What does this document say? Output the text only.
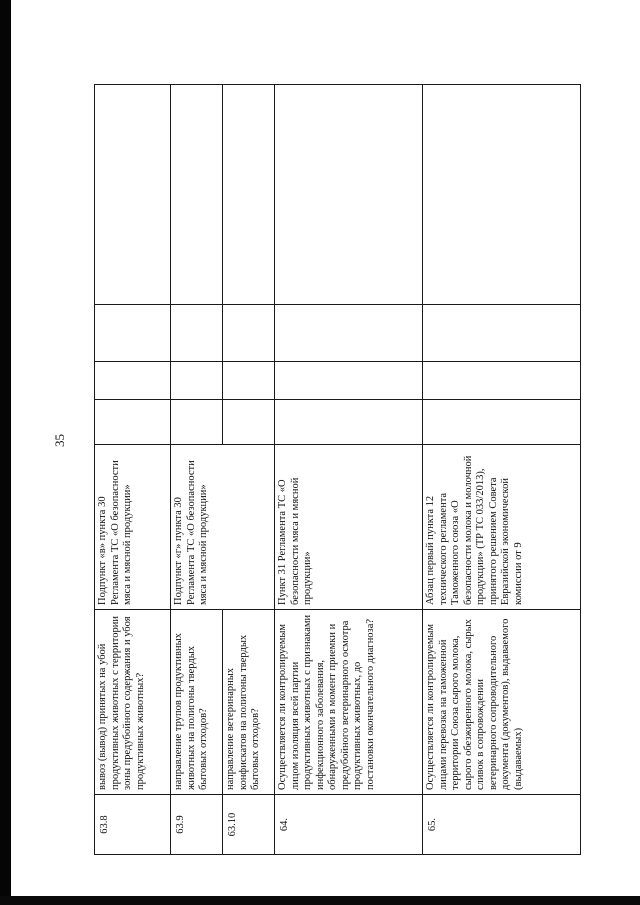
35
63.8	вывоз (вывод) принятых на убой продуктивных животных с территории зоны предубойного содержания и убоя продуктивных животных?	Подпункт «в» пункта 30 Регламента ТС «О безопасности мяса и мясной продукции»				
63.9	направление трупов продуктивных животных на полигоны твердых бытовых отходов?	Подпункт «г» пункта 30 Регламента ТС «О безопасности мяса и мясной продукции»				
63.10	направление ветеринарных конфискатов на полигоны твердых бытовых отходов?					
64.	Осуществляется ли контролируемым лицом изоляция всей партии продуктивных животных с признаками инфекционного заболевания, обнаруженными в момент приемки и предубойного ветеринарного осмотра продуктивных животных, до постановки окончательного диагноза?	Пункт 31 Регламента ТС «О безопасности мяса и мясной продукции»				
65.	Осуществляется ли контролируемым лицами перевозка на таможенной территории Союза сырого молока, сырого обезжиренного молока, сырых сливок в сопровождении ветеринарного сопроводительного документа (документов), выдаваемого (выдаваемых)	Абзац первый пункта 12 технического регламента Таможенного союза «О безопасности молока и молочной продукции» (ТР ТС 033/2013), принятого решением Совета Евразийской экономической комиссии от 9				
